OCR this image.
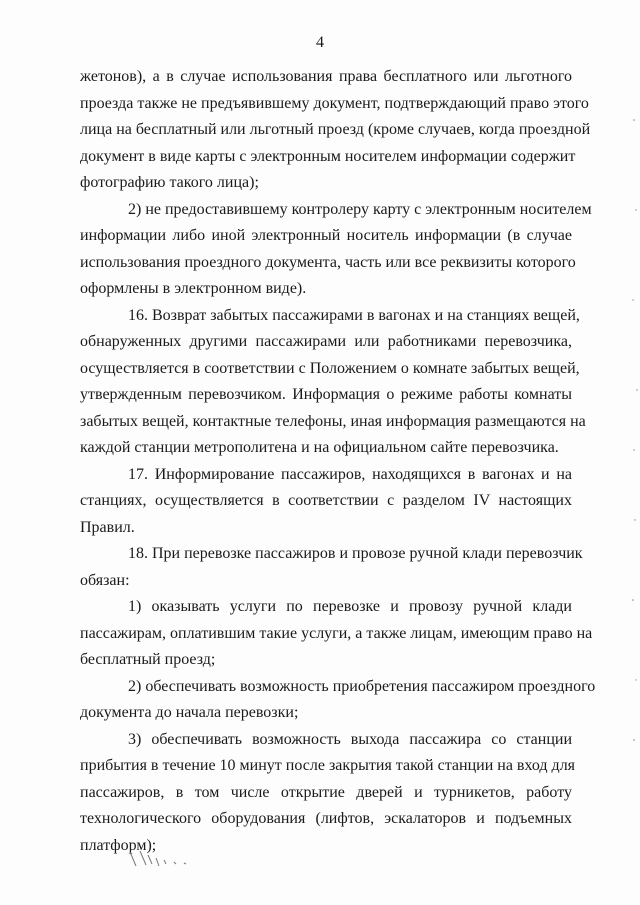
4
жетонов), а в случае использования права бесплатного или льготного
проезда также не предъявившему документ, подтверждающий право этого
лица на бесплатный или льготный проезд (кроме случаев, когда проездной
документ в виде карты с электронным носителем информации содержит
фотографию такого лица);
2) не предоставившему контролеру карту с электронным носителем
информации либо иной электронный носитель информации (в случае
использования проездного документа, часть или все реквизиты которого
оформлены в электронном виде).
16. Возврат забытых пассажирами в вагонах и на станциях вещей,
обнаруженных другими пассажирами или работниками перевозчика,
осуществляется в соответствии с Положением о комнате забытых вещей,
утвержденным перевозчиком. Информация о режиме работы комнаты
забытых вещей, контактные телефоны, иная информация размещаются на
каждой станции метрополитена и на официальном сайте перевозчика.
17. Информирование пассажиров, находящихся в вагонах и на
станциях, осуществляется в соответствии с разделом IV настоящих
Правил.
18. При перевозке пассажиров и провозе ручной клади перевозчик
обязан:
1) оказывать услуги по перевозке и провозу ручной клади
пассажирам, оплатившим такие услуги, а также лицам, имеющим право на
бесплатный проезд;
2) обеспечивать возможность приобретения пассажиром проездного
документа до начала перевозки;
3) обеспечивать возможность выхода пассажира со станции
прибытия в течение 10 минут после закрытия такой станции на вход для
пассажиров, в том числе открытие дверей и турникетов, работу
технологического оборудования (лифтов, эскалаторов и подъемных
платформ);
